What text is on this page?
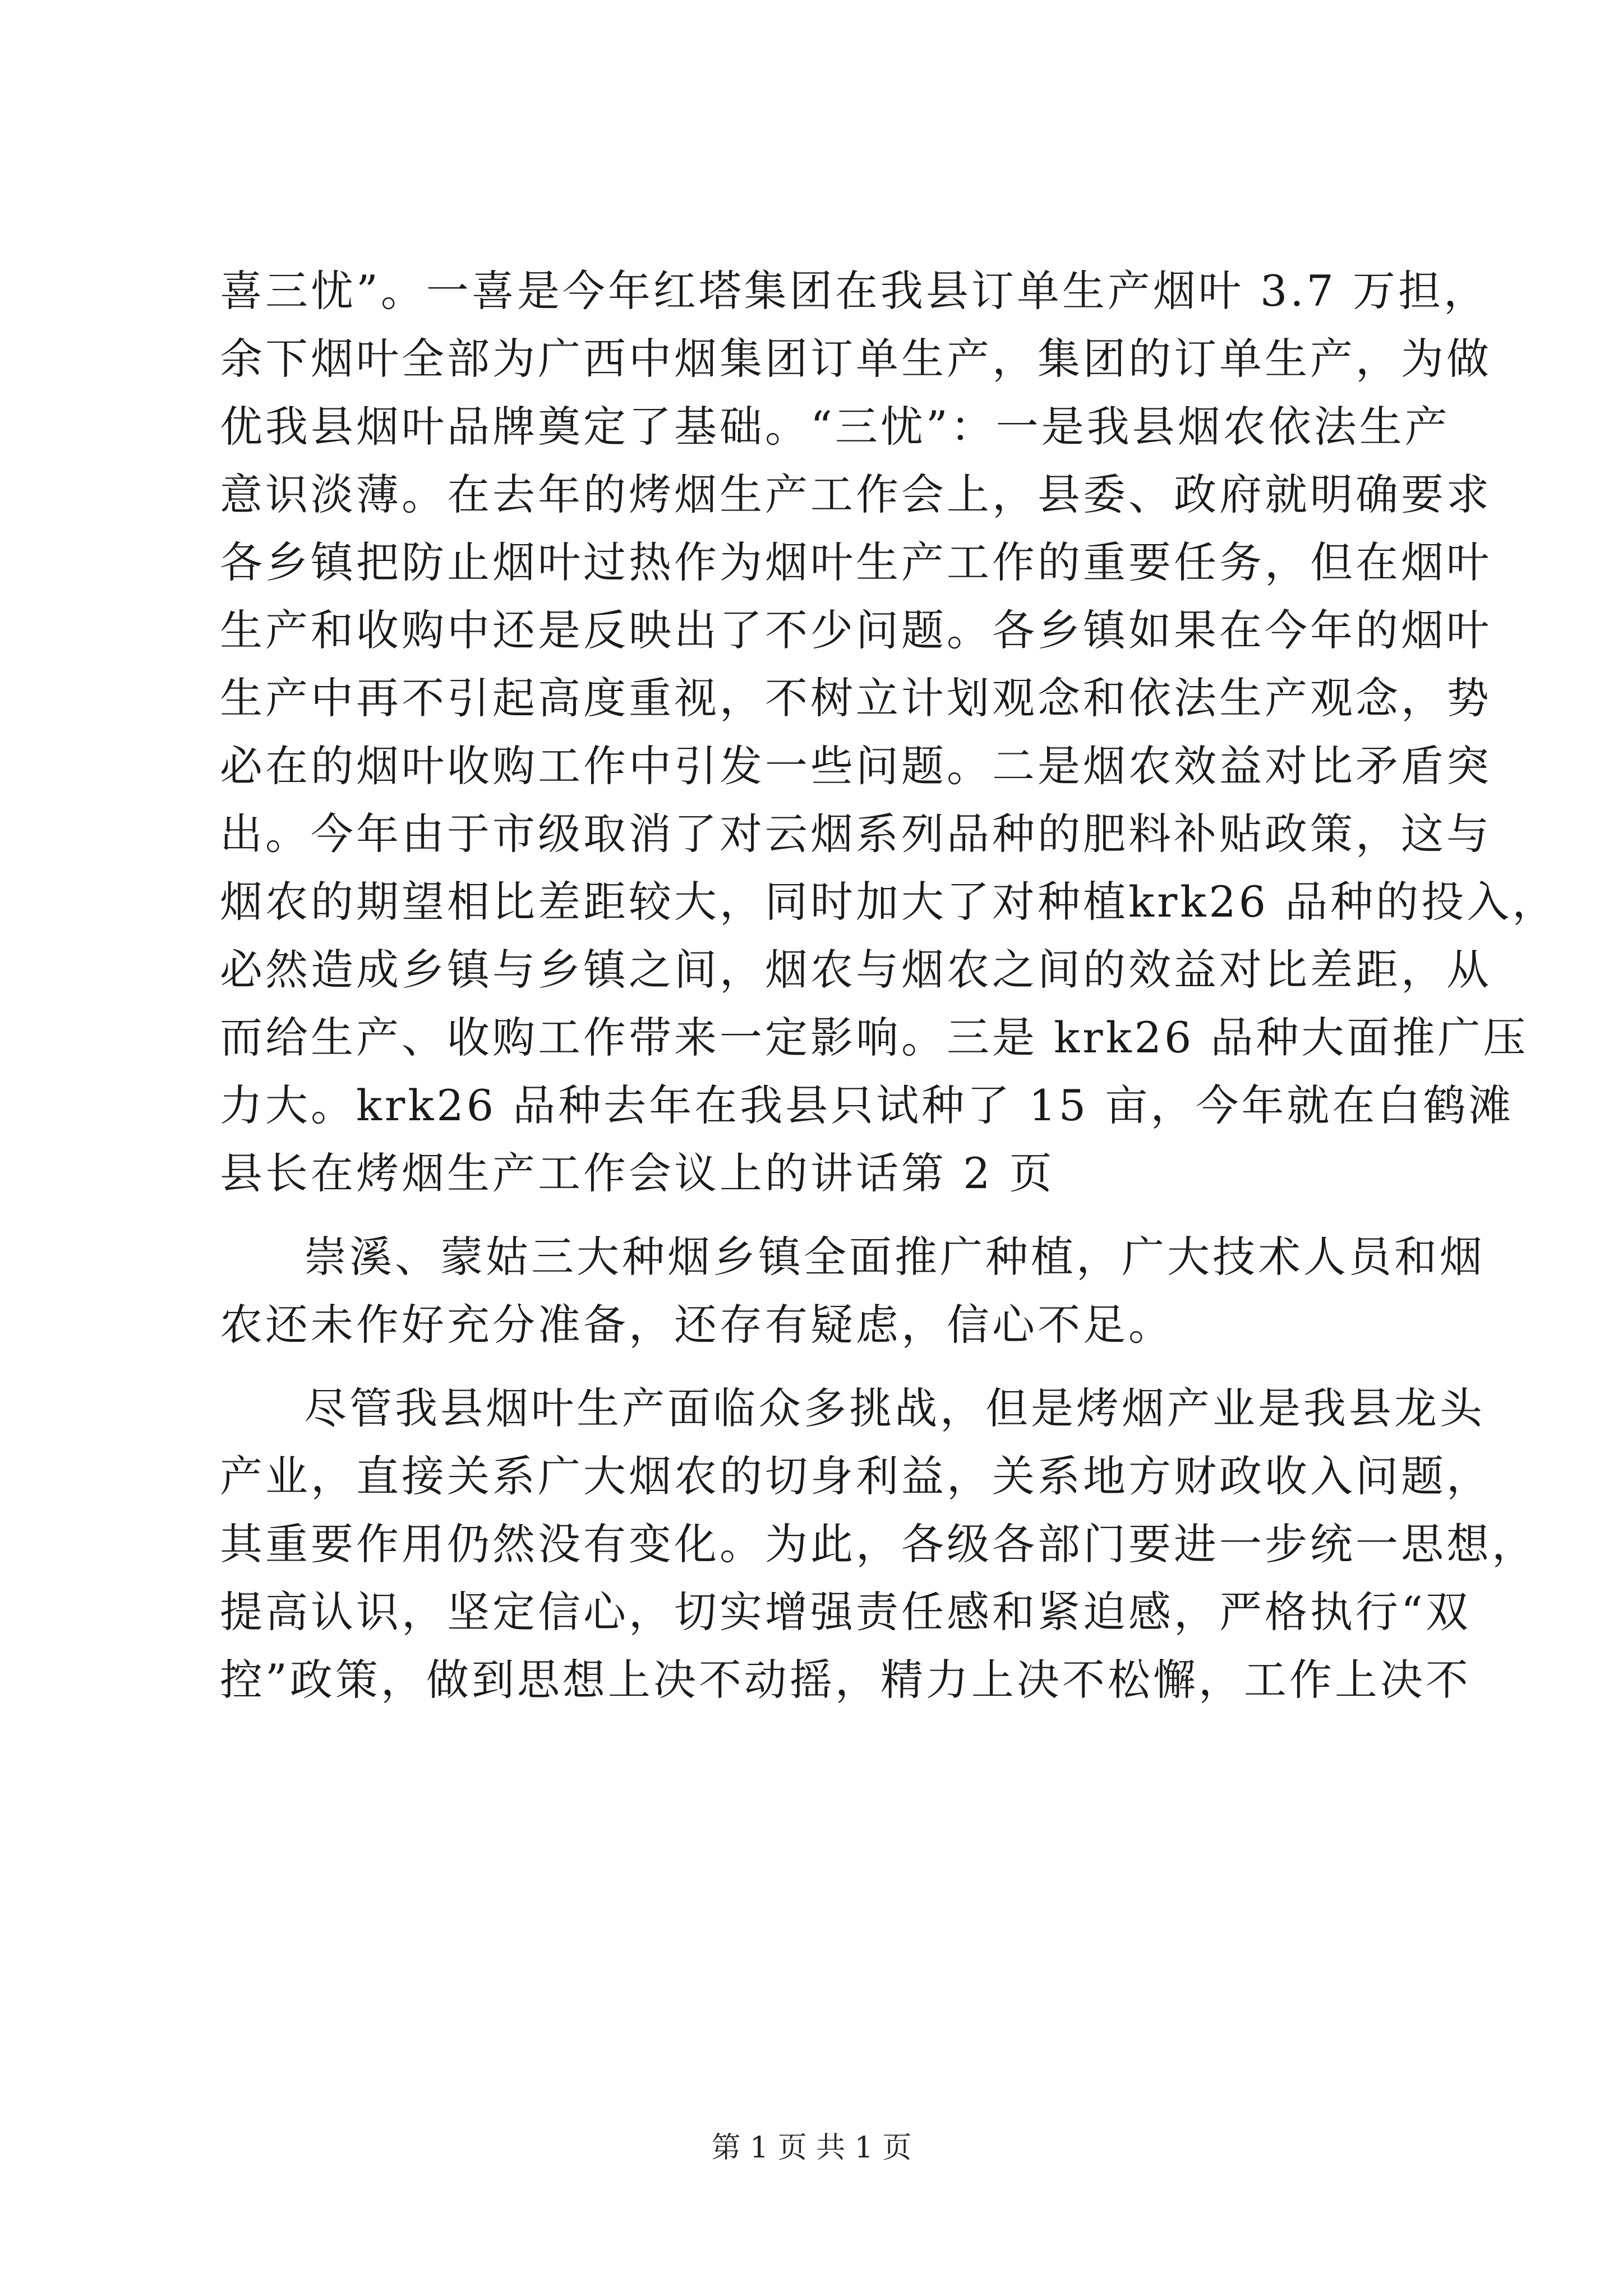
喜三忧”。一喜是今年红塔集团在我县订单生产烟叶 3.7 万担，
余下烟叶全部为广西中烟集团订单生产，集团的订单生产，为做
优我县烟叶品牌奠定了基础。“三忧”：一是我县烟农依法生产
意识淡薄。在去年的烤烟生产工作会上，县委、政府就明确要求
各乡镇把防止烟叶过热作为烟叶生产工作的重要任务，但在烟叶
生产和收购中还是反映出了不少问题。各乡镇如果在今年的烟叶
生产中再不引起高度重视，不树立计划观念和依法生产观念，势
必在的烟叶收购工作中引发一些问题。二是烟农效益对比矛盾突
出。今年由于市级取消了对云烟系列品种的肥料补贴政策，这与
烟农的期望相比差距较大，同时加大了对种植krk26 品种的投入，
必然造成乡镇与乡镇之间，烟农与烟农之间的效益对比差距，从
而给生产、收购工作带来一定影响。三是 krk26 品种大面推广压
力大。krk26 品种去年在我县只试种了 15 亩，今年就在白鹤滩
县长在烤烟生产工作会议上的讲话第 2 页
崇溪、蒙姑三大种烟乡镇全面推广种植，广大技术人员和烟
农还未作好充分准备，还存有疑虑，信心不足。
尽管我县烟叶生产面临众多挑战，但是烤烟产业是我县龙头
产业，直接关系广大烟农的切身利益，关系地方财政收入问题，
其重要作用仍然没有变化。为此，各级各部门要进一步统一思想，
提高认识，坚定信心，切实增强责任感和紧迫感，严格执行“双
控”政策，做到思想上决不动摇，精力上决不松懈，工作上决不
第 1 页 共 1 页
